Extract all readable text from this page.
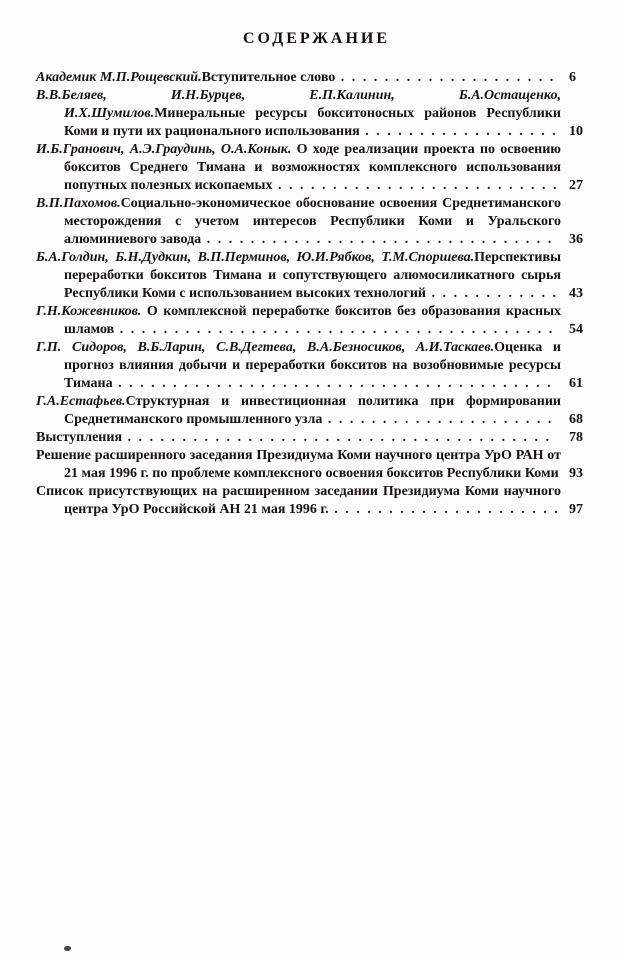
СОДЕРЖАНИЕ
Академик М.П.Рощевский.Вступительное слово . . . . . . . . . . . . . . . . . . . . 6
В.В.Беляев, И.Н.Бурцев, Е.П.Калинин, Б.А.Остащенко, И.Х.Шумилов.Минеральные ресурсы бокситоносных районов Республики Коми и пути их рационального использования . . . . . . . . . . . . . . . . . . 10
И.Б.Гранович, А.Э.Граудинь, О.А.Конык. О ходе реализации проекта по освоению бокситов Среднего Тимана и возможностях комплексного использования попутных полезных ископаемых . . . . . . . . . . . . . . . . . . . . . . . . . . 27
В.П.Пахомов.Социально-экономическое обоснование освоения Среднетиманского месторождения с учетом интересов Республики Коми и Уральского алюминиевого завода . . . . . . . . . . . . . . . . . . . . . . . . . . . . . . . . 36
Б.А.Голдин, Б.Н.Дудкин, В.П.Перминов, Ю.И.Рябков, Т.М.Споршева.Перспективы переработки бокситов Тимана и сопутствующего алюмосиликатного сырья Республики Коми с использованием высоких технологий . . . . . . . . . . . . 43
Г.Н.Кожевников. О комплексной переработке бокситов без образования красных шламов . . . . . . . . . . . . . . . . . . . . . . . . . . . . . . . . . . . . . . . . 54
Г.П. Сидоров, В.Б.Ларин, С.В.Дегтева, В.А.Безносиков, А.И.Таскаев.Оценка и прогноз влияния добычи и переработки бокситов на возобновимые ресурсы Тимана . . . . . . . . . . . . . . . . . . . . . . . . . . . . . . . . . . . . . . . . 61
Г.А.Естафьев.Структурная и инвестиционная политика при формировании Среднетиманского промышленного узла . . . . . . . . . . . . . . . . . . . . . 68
Выступления . . . . . . . . . . . . . . . . . . . . . . . . . . . . . . . . . . . . . . . 78
Решение расширенного заседания Президиума Коми научного центра УрО РАН от 21 мая 1996 г. по проблеме комплексного освоения бокситов Республики Коми 93
Список присутствующих на расширенном заседании Президиума Коми научного центра УрО Российской АН 21 мая 1996 г. . . . . . . . . . . . . . . . . . . . . . 97
